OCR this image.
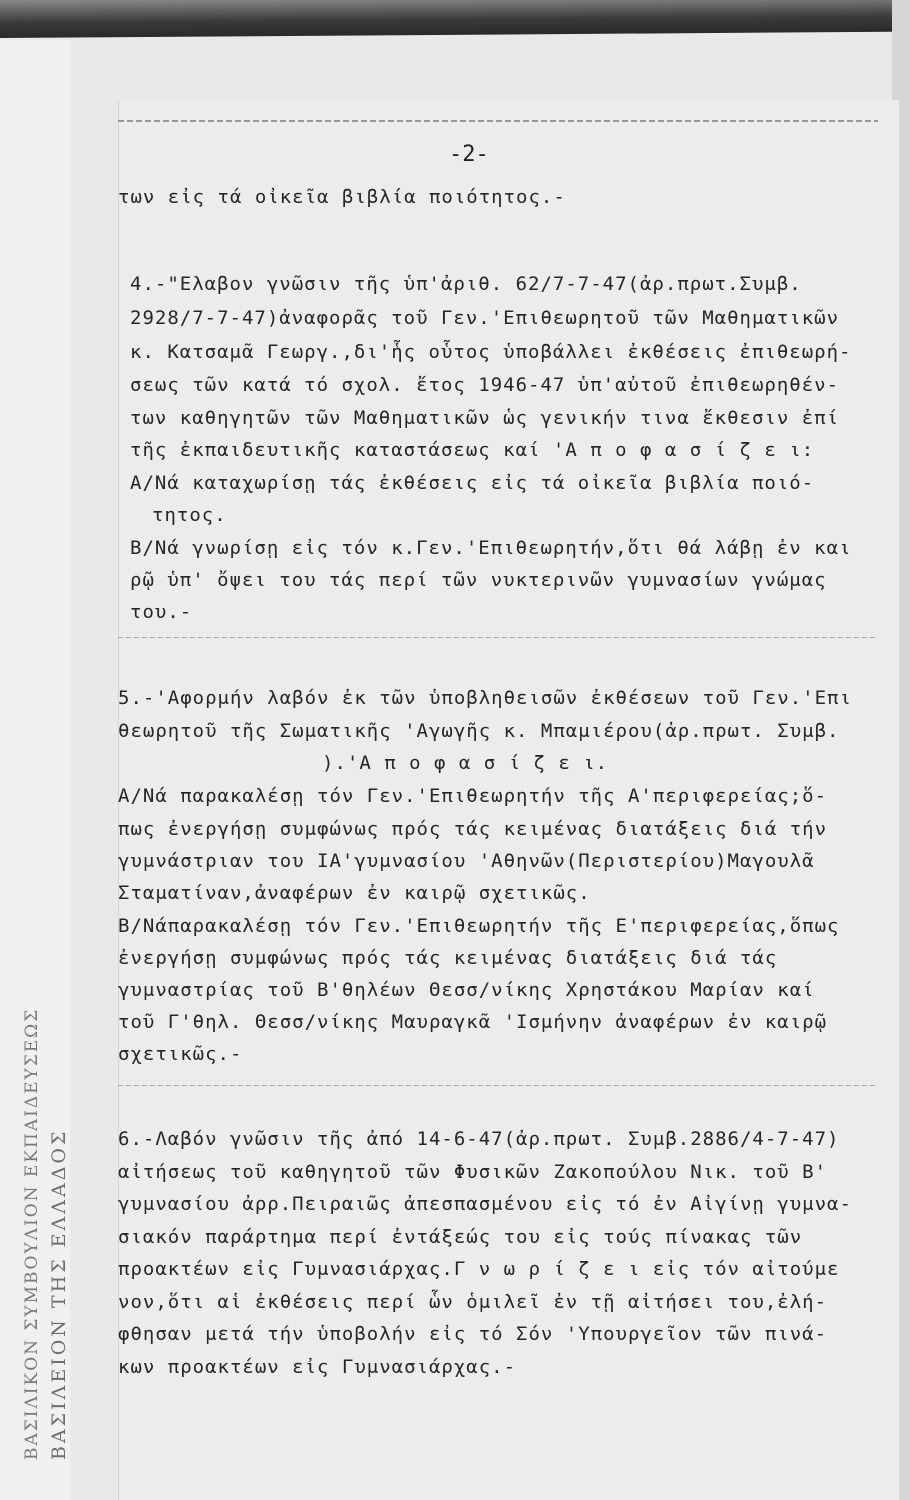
ΒΑΣΙΛΙΚΟΝ ΣΥΜΒΟΥΛΙΟΝ ΕΚΠΑΙΔΕΥΣΕΩΣ ΒΑΣΙΛΕΙΟΝ ΤΗΣ ΕΛΛΑΔΟΣ
-2-
των εἰς τά οἰκεῖα βιβλία ποιότητος.-
4.-"Ελαβον γνῶσιν τῆς ὑπ'ἀριθ. 62/7-7-47(ἀρ.πρωτ.Συμβ.
2928/7-7-47)ἀναφορᾶς τοῦ Γεν.'Επιθεωρητοῦ τῶν Μαθηματικῶν
κ. Κατσαμᾶ Γεωργ.,δι'ἧς οὗτος ὑποβάλλει ἐκθέσεις ἐπιθεωρή-
σεως τῶν κατά τό σχολ. ἔτος 1946-47 ὑπ'αὐτοῦ ἐπιθεωρηθέν-
των καθηγητῶν τῶν Μαθηματικῶν ὡς γενικήν τινα ἔκθεσιν ἐπί
τῆς ἐκπαιδευτικῆς καταστάσεως καί 'Α π ο φ α σ ί ζ ε ι:
Α/Νά καταχωρίσῃ τάς ἐκθέσεις εἰς τά οἰκεῖα βιβλία ποιό-
τητος.
Β/Νά γνωρίσῃ εἰς τόν κ.Γεν.'Επιθεωρητήν,ὅτι θά λάβῃ ἐν και
ρῷ ὑπ' ὄψει του τάς περί τῶν νυκτερινῶν γυμνασίων γνώμας
του.-
5.-'Αφορμήν λαβόν ἐκ τῶν ὑποβληθεισῶν ἐκθέσεων τοῦ Γεν.'Επι
θεωρητοῦ τῆς Σωματικῆς 'Αγωγῆς κ. Μπαμιέρου(ἀρ.πρωτ. Συμβ.
).'Α π ο φ α σ ί ζ ε ι.
Α/Νά παρακαλέσῃ τόν Γεν.'Επιθεωρητήν τῆς Α'περιφερείας;ὅ-
πως ἐνεργήσῃ συμφώνως πρός τάς κειμένας διατάξεις διά τήν
γυμνάστριαν του ΙΑ'γυμνασίου 'Αθηνῶν(Περιστερίου)Μαγουλᾶ
Σταματίναν,ἀναφέρων ἐν καιρῷ σχετικῶς.
Β/Νάπαρακαλέσῃ τόν Γεν.'Επιθεωρητήν τῆς Ε'περιφερείας,ὅπως
ἐνεργήσῃ συμφώνως πρός τάς κειμένας διατάξεις διά τάς
γυμναστρίας τοῦ Β'θηλέων Θεσσ/νίκης Χρηστάκου Μαρίαν καί
τοῦ Γ'θηλ. Θεσσ/νίκης Μαυραγκᾶ 'Ισμήνην ἀναφέρων ἐν καιρῷ
σχετικῶς.-
6.-Λαβόν γνῶσιν τῆς ἀπό 14-6-47(ἀρ.πρωτ. Συμβ.2886/4-7-47)
αἰτήσεως τοῦ καθηγητοῦ τῶν Φυσικῶν Ζακοπούλου Νικ. τοῦ Β'
γυμνασίου ἀρρ.Πειραιῶς ἀπεσπασμένου εἰς τό ἐν Αἰγίνῃ γυμνα-
σιακόν παράρτημα περί ἐντάξεώς του εἰς τούς πίνακας τῶν
προακτέων εἰς Γυμνασιάρχας.Γ ν ω ρ ί ζ ε ι εἰς τόν αἰτούμε
νον,ὅτι αἱ ἐκθέσεις περί ὧν ὁμιλεῖ ἐν τῇ αἰτήσει του,ἐλή-
φθησαν μετά τήν ὑποβολήν εἰς τό Σόν 'Υπουργεῖον τῶν πινά-
κων προακτέων εἰς Γυμνασιάρχας.-
